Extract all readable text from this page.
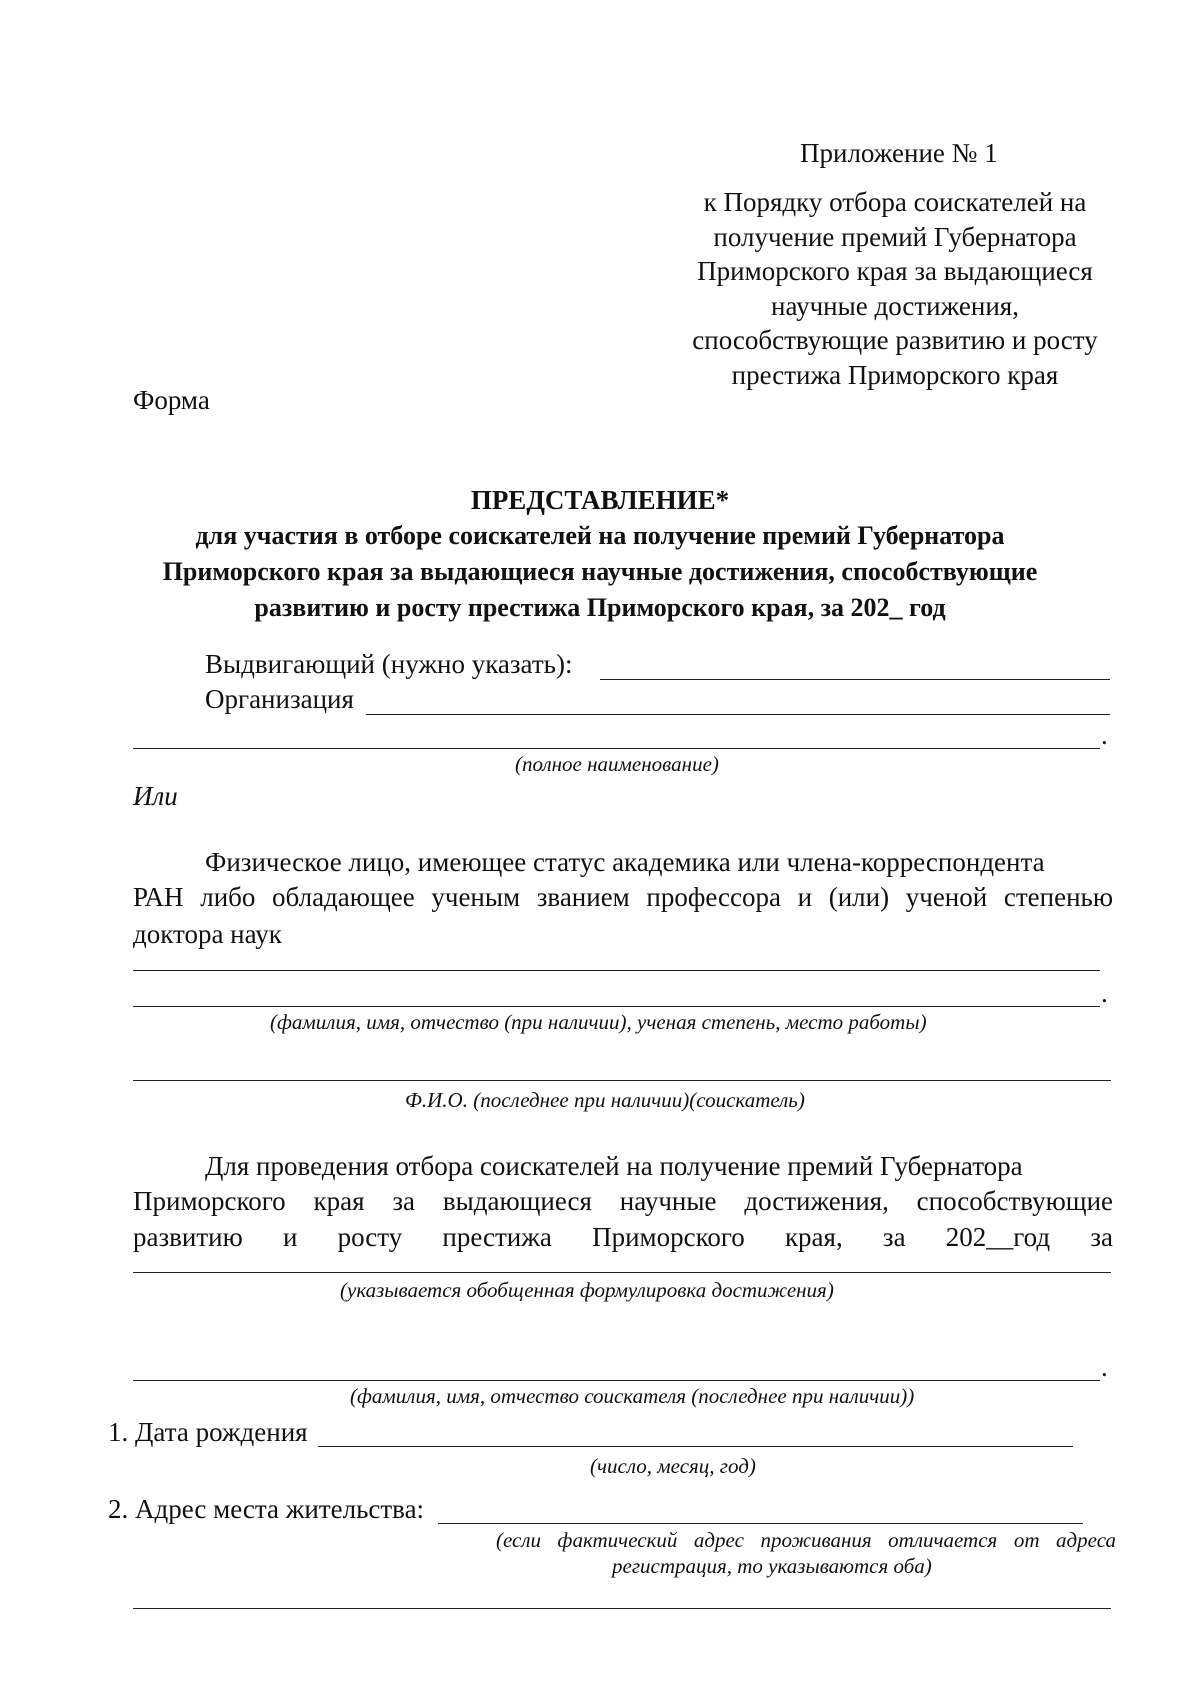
Приложение № 1
к Порядку отбора соискателей на
получение премий Губернатора
Приморского края за выдающиеся
научные достижения,
способствующие развитию и росту
престижа Приморского края
Форма
ПРЕДСТАВЛЕНИЕ*
для участия в отборе соискателей на получение премий Губернатора
Приморского края за выдающиеся научные достижения, способствующие
развитию и росту престижа Приморского края, за 202_ год
Выдвигающий (нужно указать):
Организация
.
(полное наименование)
Или
Физическое лицо, имеющее статус академика или члена-корреспондента
РАН либо обладающее ученым званием профессора и (или) ученой степенью
доктора наук
.
(фамилия, имя, отчество (при наличии), ученая степень, место работы)
Ф.И.О. (последнее при наличии)(соискатель)
Для проведения отбора соискателей на получение премий Губернатора
Приморского края за выдающиеся научные достижения, способствующие
развитию и росту престижа Приморского края, за 202__год за
(указывается обобщенная формулировка достижения)
.
(фамилия, имя, отчество соискателя (последнее при наличии))
1. Дата рождения
(число, месяц, год)
2. Адрес места жительства:
(если фактический адрес проживания отличается от адреса
регистрация, то указываются оба)
